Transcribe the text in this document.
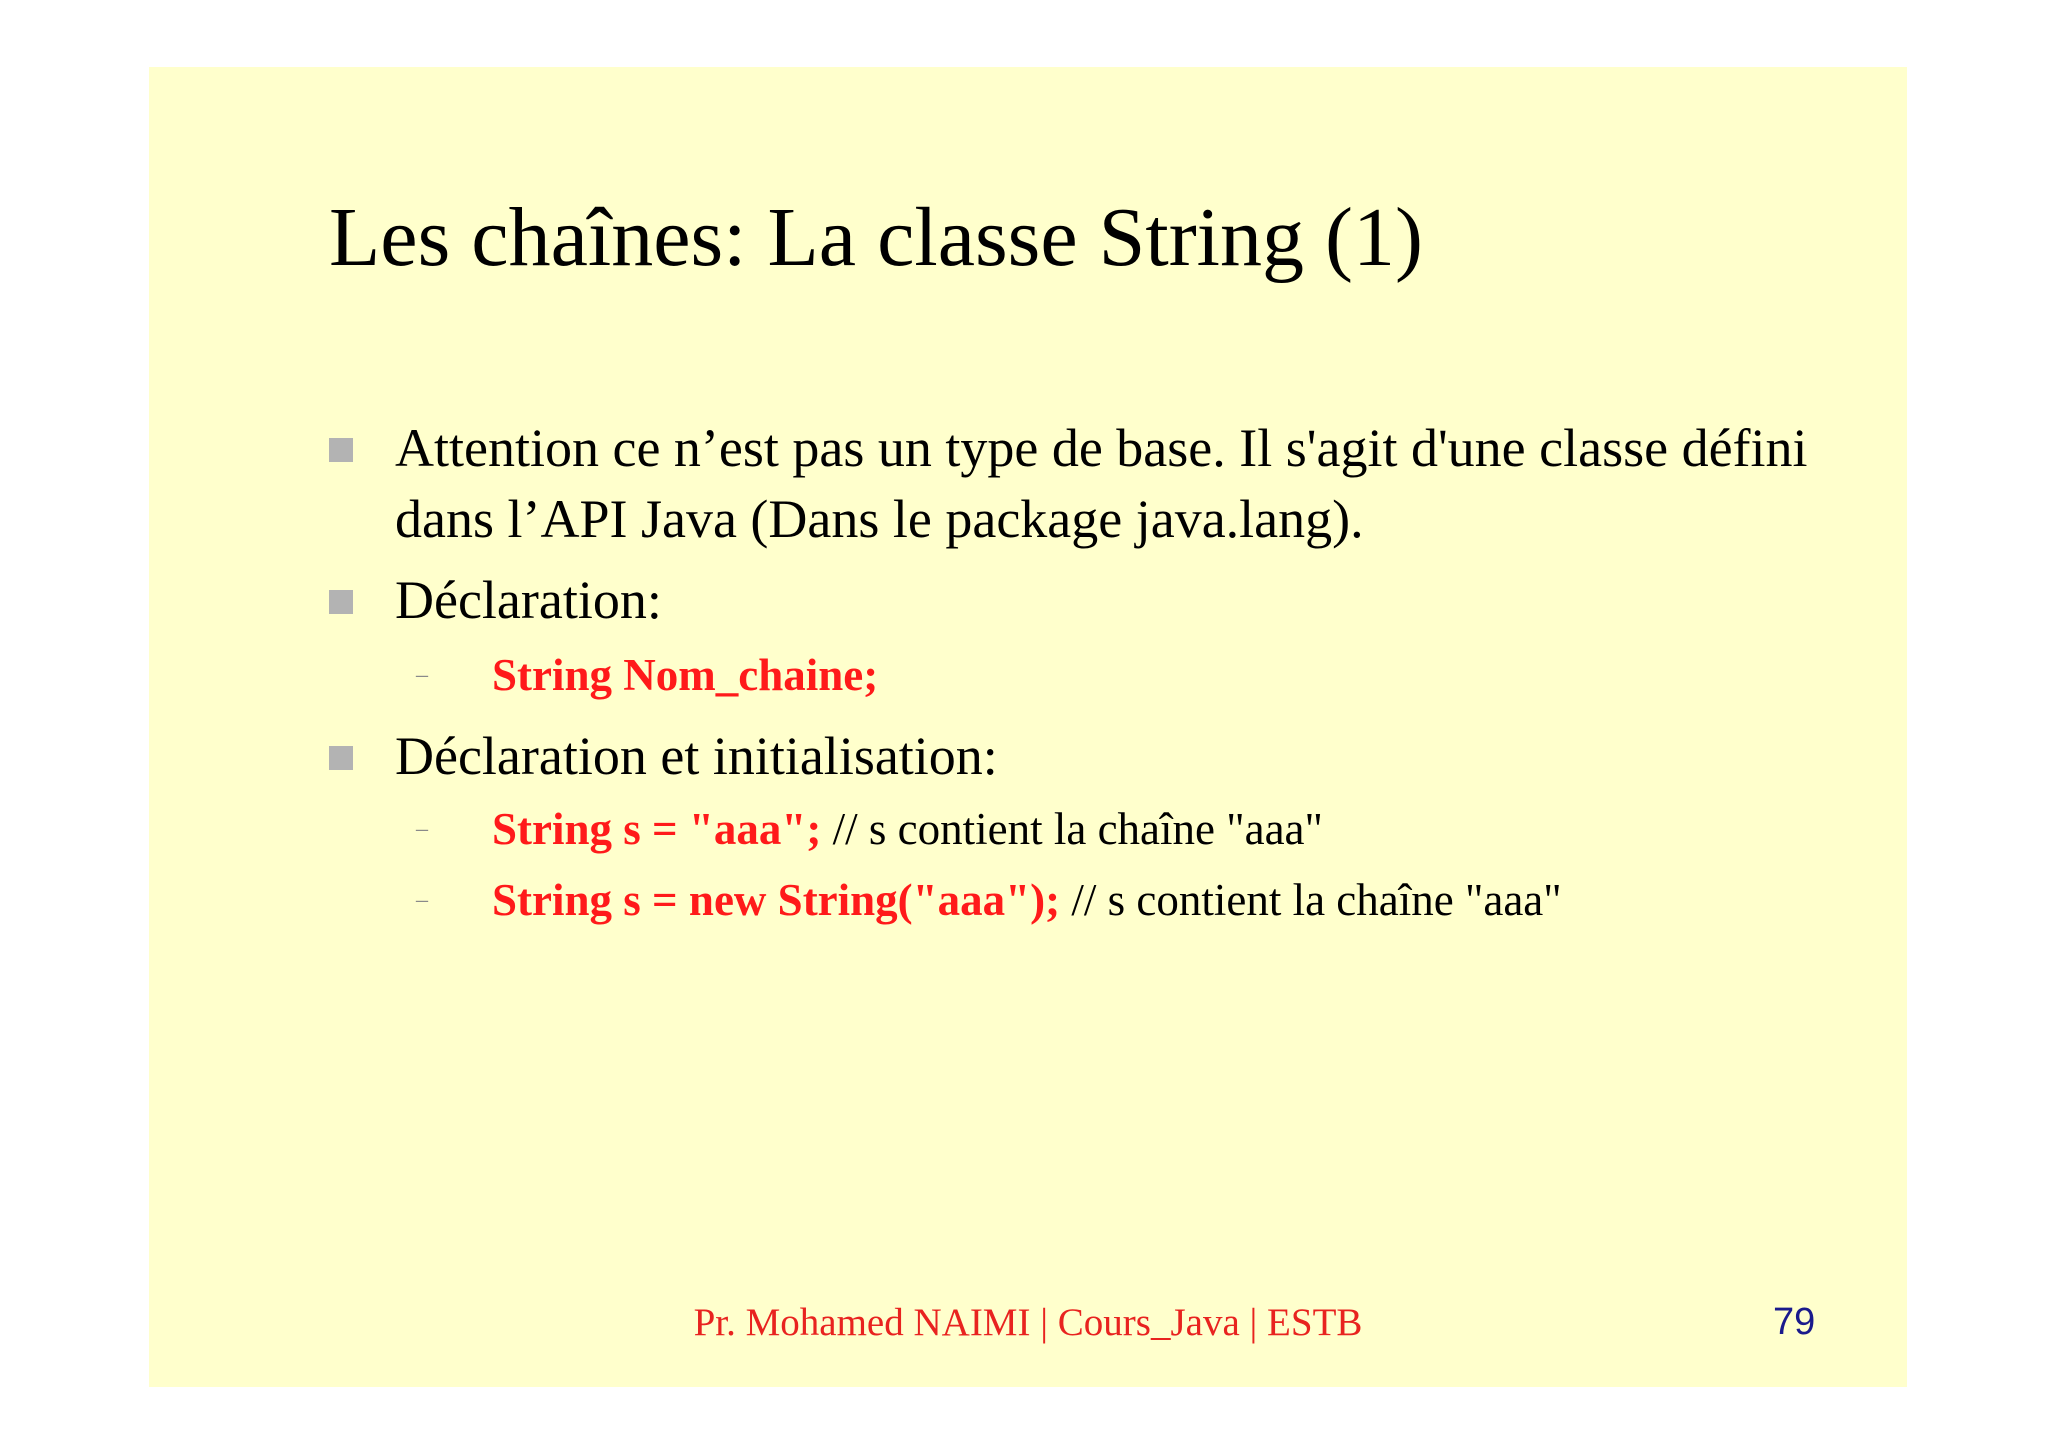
Les chaînes: La classe String (1)
Attention ce n’est pas un type de base. Il s'agit d'une classe défini dans l’API Java (Dans le package java.lang).
Déclaration:
– String Nom_chaine;
Déclaration et initialisation:
– String s = "aaa"; // s contient la chaîne "aaa"
– String s = new String("aaa"); // s contient la chaîne "aaa"
Pr. Mohamed NAIMI | Cours_Java | ESTB	79
